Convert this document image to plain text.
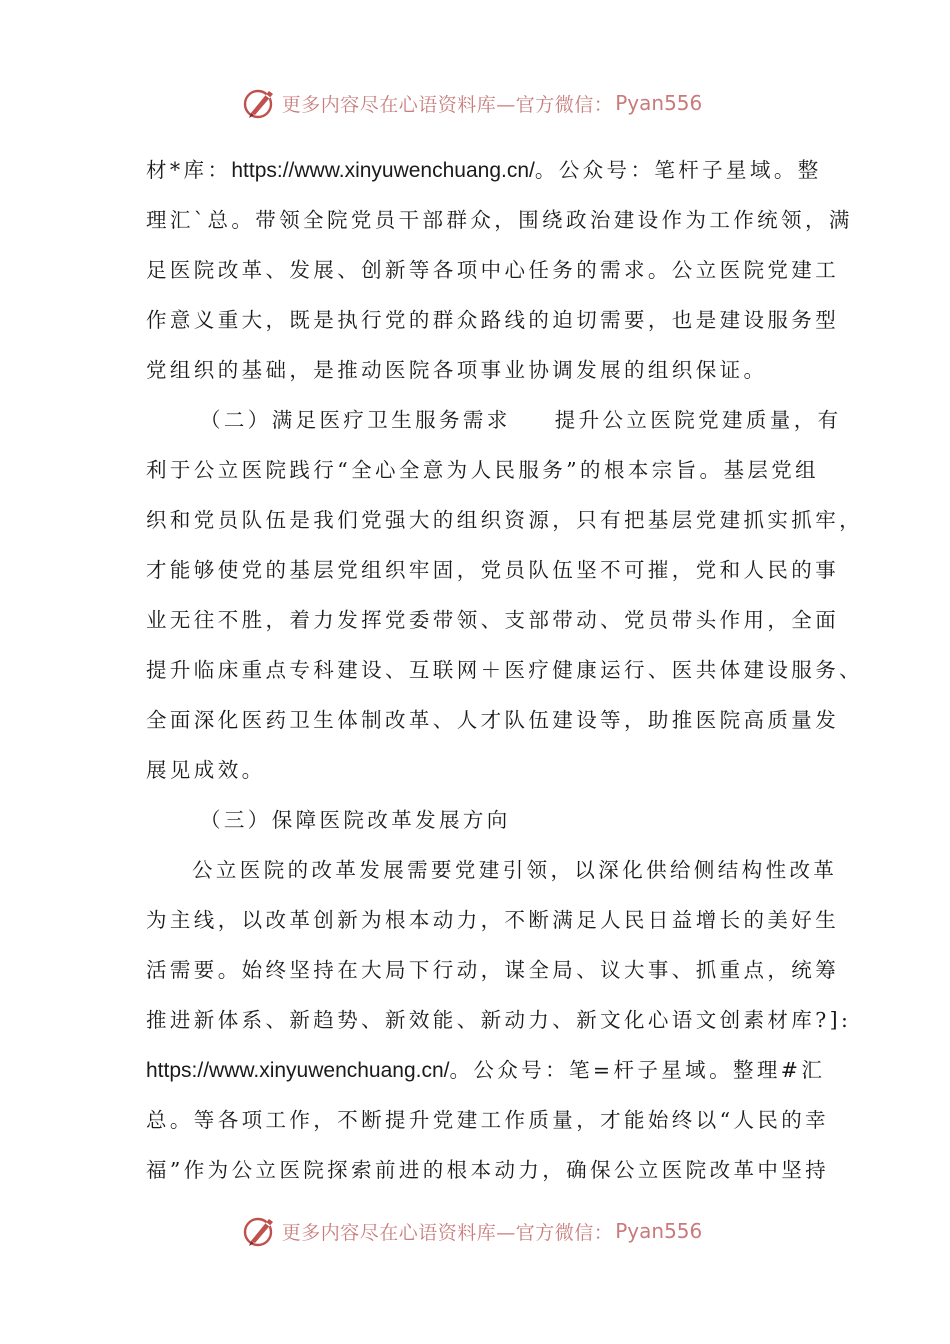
更多内容尽在心语资料库—官方微信： Pyan556
材*库：https://www.xinyuwenchuang.cn/。公众号：笔杆子星域。整
理汇`总。带领全院党员干部群众，围绕政治建设作为工作统领，满
足医院改革、发展、创新等各项中心任务的需求。公立医院党建工
作意义重大，既是执行党的群众路线的迫切需要，也是建设服务型
党组织的基础，是推动医院各项事业协调发展的组织保证。
（二）满足医疗卫生服务需求 提升公立医院党建质量，有
利于公立医院践行“全心全意为人民服务”的根本宗旨。基层党组
织和党员队伍是我们党强大的组织资源，只有把基层党建抓实抓牢，
才能够使党的基层党组织牢固，党员队伍坚不可摧，党和人民的事
业无往不胜，着力发挥党委带领、支部带动、党员带头作用，全面
提升临床重点专科建设、互联网＋医疗健康运行、医共体建设服务、
全面深化医药卫生体制改革、人才队伍建设等，助推医院高质量发
展见成效。
（三）保障医院改革发展方向
公立医院的改革发展需要党建引领，以深化供给侧结构性改革
为主线，以改革创新为根本动力，不断满足人民日益增长的美好生
活需要。始终坚持在大局下行动，谋全局、议大事、抓重点，统筹
推进新体系、新趋势、新效能、新动力、新文化心语文创素材库?]:
https://www.xinyuwenchuang.cn/。公众号：笔=杆子星域。整理#汇
总。等各项工作，不断提升党建工作质量，才能始终以“人民的幸
福”作为公立医院探索前进的根本动力，确保公立医院改革中坚持
更多内容尽在心语资料库—官方微信： Pyan556
